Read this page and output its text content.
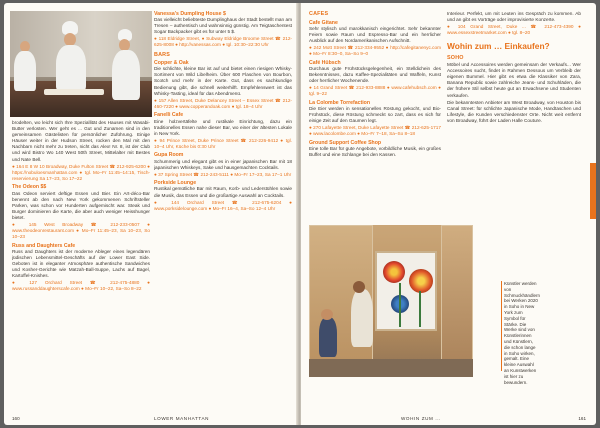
brodelten, wo leicht sich Ihre Speziallität des Hauses mit Wasabi-Butter verlosten. Wer geht es ... Gut und Zunamen sind in den gemeinsamen Gästelisten für persönlicher Zuführung. Einige Häuser weiter in der Hudson Street, rocken den Mal mit den Nachbarn nicht mehr zu treten, nicht das Alex! Nr. 8, ist der Club und wird Bistro Wo 140 West 50th Street, Mittelalter mit Bestes und Nate Bell.

● 164 E 8 W 10 Broadway, Duke Fulton Street ☎ 212-925-6200 ● https://nobuloesmanhattan.com ● tgl. Mo–Fr 11:45–14:15, Tisch-reservierung Sa 17–23, So 17–22

The Odeon $$

Das Odeon serviert deftige Essen und Bier. Ein Art-déco-Bar benennt ab den nach New York gekommenen Schriftsteller Parken, was schon vor Hunderten aufgemischt war. Steak und Burger dominieren die Karte, die aber auch weniger Heisshunger bietet.

● 145 West Broadway ☎ 212-233-0507 ● www.theodeonrestaurant.com ● Mo–Fr 11:45–23, Sa 10–23, So 10–23

Russ and Daughters Cafe

Russ and Daughters ist der moderne Ableger eines legendären jüdischen Lebensmittel-Geschäfts auf der Lower East Side. Geboten ist in eleganter Atmosphäre authentische Sandwiches und Kosher-Gerichte wie Matzah-Ball-Suppe, Lachs auf Bagel, Kartoffel-Knishes.

● 127 Orchard Street ☎ 212-475-4880 ● www.russanddaughterscafe.com ● Mo–Fr 10–22, Sa–So 8–22

Vanessa's Dumpling House $

Das vielleicht beliebteste Dumplinghaus der Stadt bestellt man am Tresen – authentisch und wahnsinnig günstig. Am Teigtaschentest Sogar Backpacker gibt es für unter 5 $.

● 118 Eldridge Street, ● Subway Eldridge Broome Street ☎ 212-625-8008 ● http://vanessas.com ● tgl. 10:30–22:30 Uhr

BARS
Copper & Oak

Die schlichte, kleine Bar ist auf und bietet einen riesigen Whisky-Sortiment von Wild Libelheim. Über 600 Flaschen von Bourbon, Scotch und mehr in der Karte. Gut, dass es sachkundige Bedienung gibt, die schnell weiterhilft. Empfehlenswert ist das Whisky-Tasting, ideal für das Abendmenü.

● 157 Allen Street, Duke Delancey Street – Essex Street ☎ 212-460-7220 ● www.copperandoak.com ● tgl. 18–4 Uhr

Fanelli Cafe

Eine holzvertäfelte und rustikale Einrichtung, dazu ein traditionelles Essen nahe dieser Bar, wo einer der ältesten Lokale in New York.

● 94 Prince Street, Duke Prince Street ☎ 212-226-9412 ● tgl. 10–4 Uhr, Küche bis 0:30 Uhr

Gupa Room

Schummerig und elegant gibt es in einer japanischen Bar mit 18 japanischen Whiskeys, Sake und hausgemachten Cocktails.

● 37 Spring Street ☎ 212-243-5111 ● Mo–Fr 17–23, Sa 17–1 Uhr

Porkside Lounge

Rustikal gemütliche Bar mit Raum, Korb- und Lederstühlen sowie die Musik, das Essen und die großartige Auswahl an Cocktails.

● 144 Orchard Street ☎ 212-675-6204 ● www.porksidelounge.com ● Mo–Fr 16–4, Sa–So 12–4 Uhr

160	LOWER MANHATTAN
CAFÉS
Cafe Gitane

Sehr stylisch und marokkanisch eingerichtet. Sehr bekannter Feiern sowie Raum und Espresso-Bar und ein herrlicher Ausblick auf den Nordamerikanischen Aufschnitt.

● 242 Mott Street ☎ 212-334-9552 ● http://cafegitanenyc.com ● Mo–Fr 8:30–0, Sa–So 9–0

Café Hübsch

Durchaus gute Frühstücksgelegenheit, ein Stelldichein des Bekenntnisses, dazu Kaffee-Spezialitäten und Waffeln, Kunst oder herrlicher Wochenende.

● 14 Grand Street ☎ 212-933-8888 ● www.cafehubsch.com ● tgl. 9–22

La Colombe Torrefaction

Die Eier werden in sensationelles Röstung gekocht, und Bio-Frühstück, diese Röstung schmeckt so zart, dass es sich für einige Zeit auf den Gaumen legt.

● 270 Lafayette Street, Duke Lafayette Street ☎ 212-625-1717 ● www.lacolombe.com ● Mo–Fr 7–18, Sa–So 8–18

Ground Support Coffee Shop

Eine tolle Bar für gute Angebote, vorbildliche Musik, ein großes Buffet und eine Schlange bei den Kassen.

Interieur. Perfekt, um mit Leuten ins Gespräch zu kommen. Ab und an gibt es Vorträge oder improvisierte Konzerte.

● 104 Grand Street, Duke ... ☎ 212-473-4390 ● www.essexstreetmarket.com ● tgl. 8–20

Wohin zum … Einkaufen?
SOHO

Möbel und Accessoires werden gemeinsam der Verkaufs... Wer Accessoires sucht, findet in Rahmen Dessous um Verbleib der eigenen Bummel. Hier gibt es etwa die Klassiker von Zara, Banana Republic sowie zahlreiche Jeans- und Schuhläden, die der frühere Stil selbst heute gut an Erwachsene und Studenten verkaufen.

Die bekanntesten Anbieter am West Broadway, von Houston bis Canal Street: für schlichte Japanische Mode, Handtaschen und Lifestyle, die Kunden verschiedenster Orte. Nicht weit entfernt von Broadway, führt der Laden Halle Couture.

Künstler werden von Schmuckhändlern bei Werken 2020 in Soho in New York zum Symbol für Stärke. Die Werke sind von Künstlerinnen und Künstlern, die schon lange in Soho wirken, gemalt. Eine kleine Auswahl an Kunstwerken ist hier zu bewundern.
WOHIN ZUM ...	161
